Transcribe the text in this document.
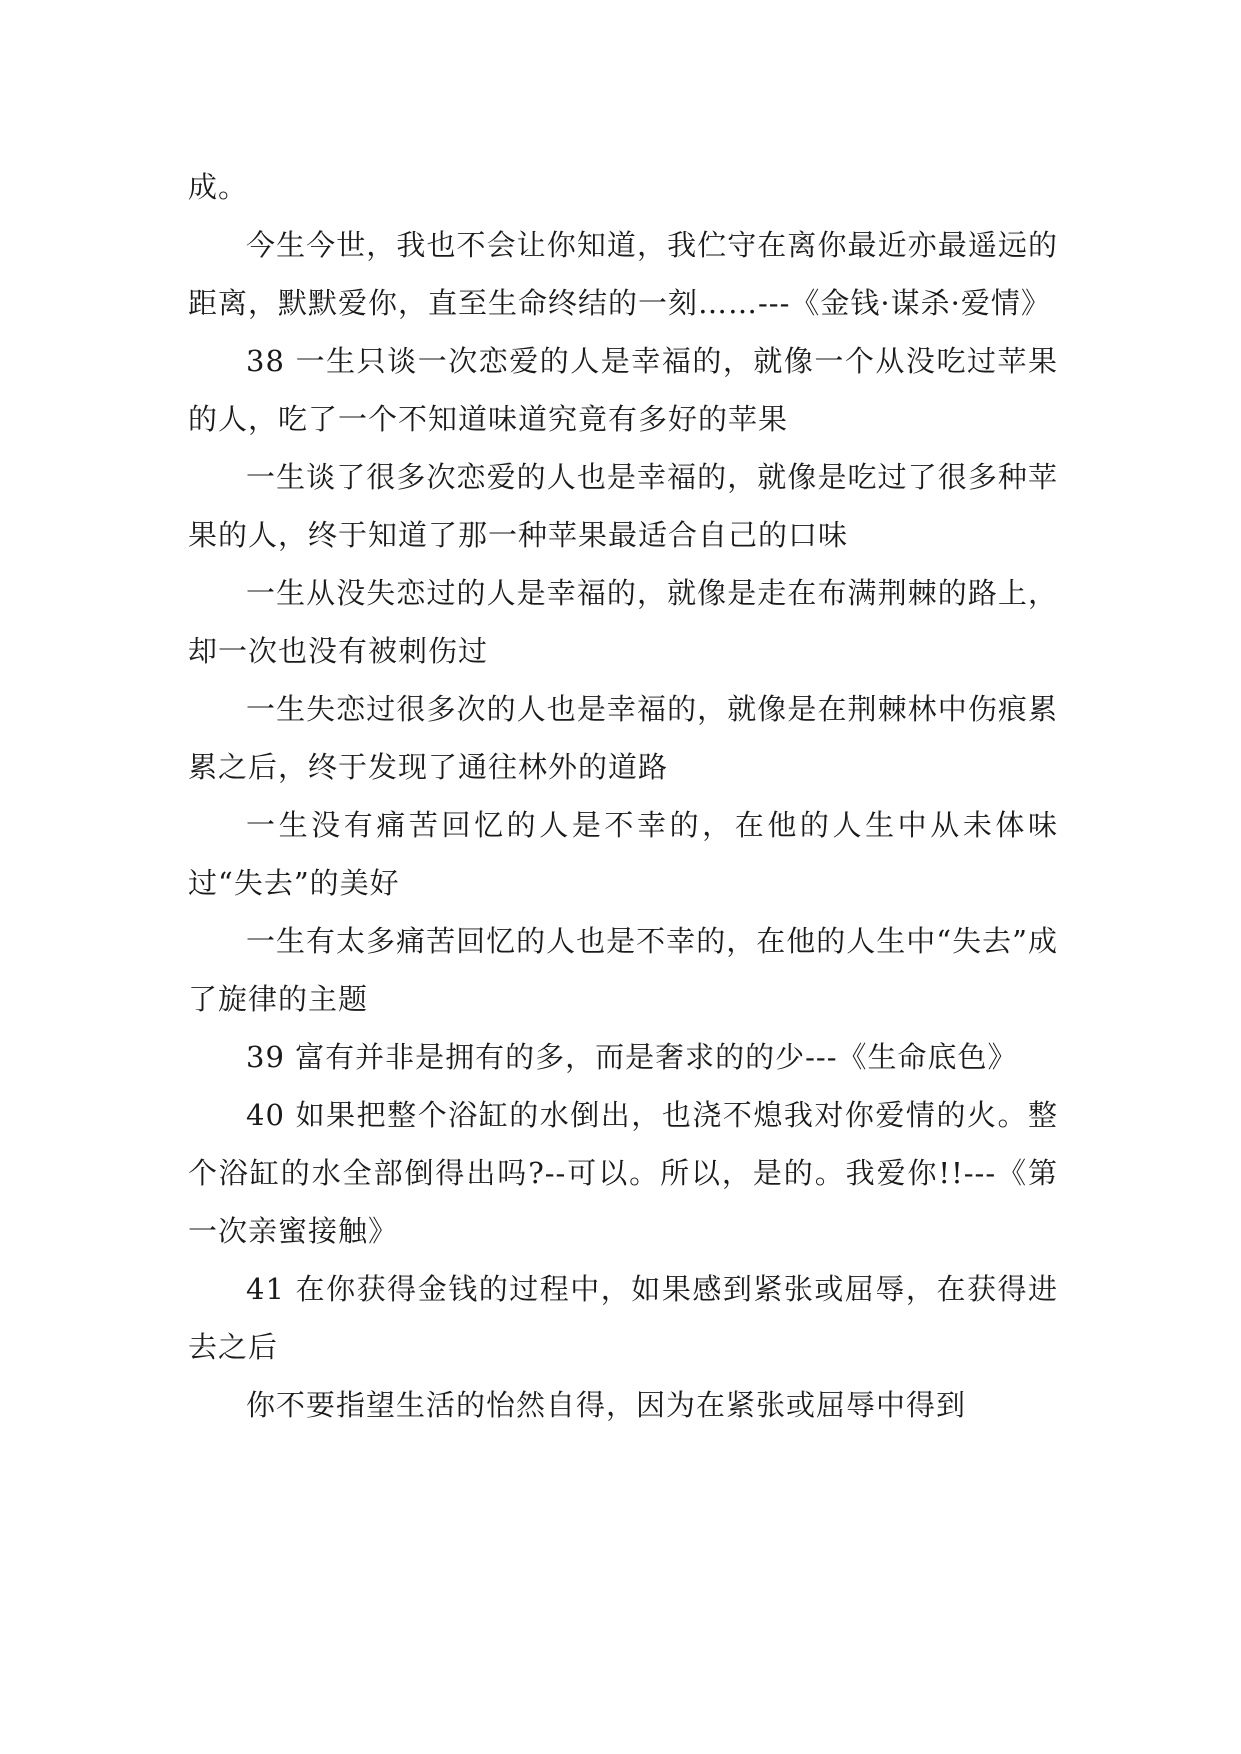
成。

今生今世，我也不会让你知道，我伫守在离你最近亦最遥远的距离，默默爱你，直至生命终结的一刻……---《金钱·谋杀·爱情》

38 一生只谈一次恋爱的人是幸福的，就像一个从没吃过苹果的人，吃了一个不知道味道究竟有多好的苹果

一生谈了很多次恋爱的人也是幸福的，就像是吃过了很多种苹果的人，终于知道了那一种苹果最适合自己的口味

一生从没失恋过的人是幸福的，就像是走在布满荆棘的路上，却一次也没有被刺伤过

一生失恋过很多次的人也是幸福的，就像是在荆棘林中伤痕累累之后，终于发现了通往林外的道路

一生没有痛苦回忆的人是不幸的，在他的人生中从未体味过“失去”的美好

一生有太多痛苦回忆的人也是不幸的，在他的人生中“失去”成了旋律的主题

39 富有并非是拥有的多，而是奢求的的少---《生命底色》

40 如果把整个浴缸的水倒出，也浇不熄我对你爱情的火。整个浴缸的水全部倒得出吗?--可以。所以，是的。我爱你!!---《第一次亲蜜接触》

41 在你获得金钱的过程中，如果感到紧张或屈辱，在获得进去之后

你不要指望生活的怡然自得，因为在紧张或屈辱中得到
